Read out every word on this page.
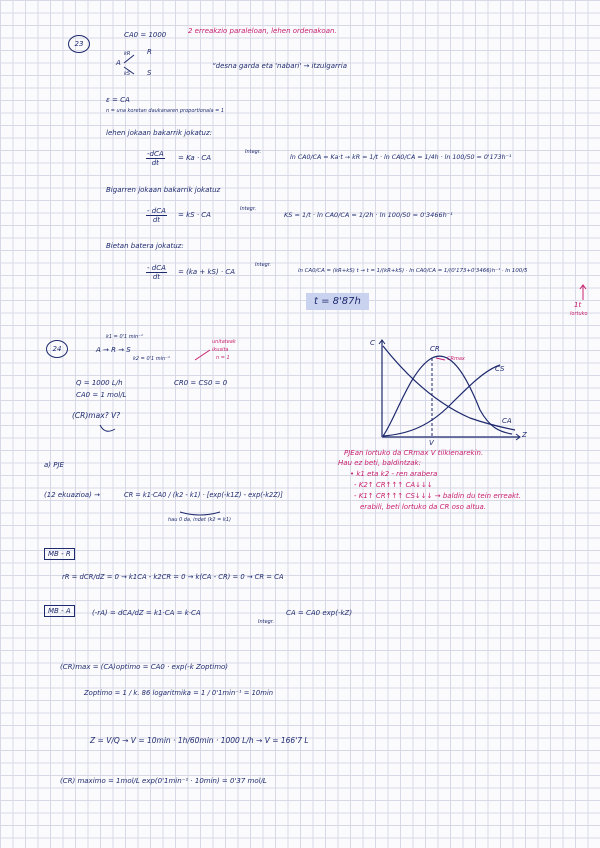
23
CA0 = 1000	2 erreakzio paraleloan, lehen ordenakoan.
A
kR R
kS S
“desna garda eta 'nabari' → itzulgarria
ε = CA
n = una koretan daukanaren proportionala = 1
lehen jokaan bakarrik jokatuz:
-dCA
dt
= Ka · CA
Integr.
ln CA0/CA = Ka·t → kR = 1/t · ln CA0/CA = 1/4h · ln 100/50 = 0'173h⁻¹
Bigarren jokaan bakarrik jokatuz
- dCA
dt
= kS · CA
Integr.
KS = 1/t · ln CA0/CA = 1/2h · ln 100/50 = 0'3466h⁻¹
Bietan batera jokatuz:
- dCA
dt
= (ka + kS) · CA
Integr.
ln CA0/CA = (kR+kS) t → t = 1/(kR+kS) · ln CA0/CA = 1/(0'173+0'3466)h⁻¹ · ln 100/5
1t
lortuko
t = 8'87h
24
k1 = 0'1 min⁻¹
A → R → S
k2 = 0'1 min⁻¹
unitateak
ikusita
n = 1
Q = 1000 L/h	CR0 = CS0 = 0
CA0 = 1 mol/L
(CR)max? V?
C
Z
CR
CRmax
CS
CA
V
PJEan lortuko da CRmax V tiikienarekin.
Hau ez beti, baldintzak:
• k1 eta k2 - ren arabera
- K2↑ CR↑↑↑ CA↓↓↓
- K1↑ CR↑↑↑ CS↓↓↓ → baldin du tein erreakt.
erabili, beti lortuko da CR oso altua.
a) PJE
(12 ekuazioa) →	CR = k1·CA0 / (k2 - k1) · [exp(-k1Z) - exp(-k2Z)]
hau 0 da, indet (k2 = k1)
MB - R
rR = dCR/dZ = 0 → k1CA - k2CR = 0 → k(CA - CR) = 0 → CR = CA
MB - A	(-rA) = dCA/dZ = k1·CA = k·CA
Integr.
CA = CA0 exp(-kZ)
(CR)max = (CA)optimo = CA0 · exp(-k Zoptimo)
Zoptimo = 1 / k. 86 logaritmika = 1 / 0'1min⁻¹ = 10min
Z = V/Q → V = 10min · 1h/60min · 1000 L/h → V = 166'7 L
(CR) maximo = 1mol/L exp(0'1min⁻¹ · 10min) = 0'37 mol/L
